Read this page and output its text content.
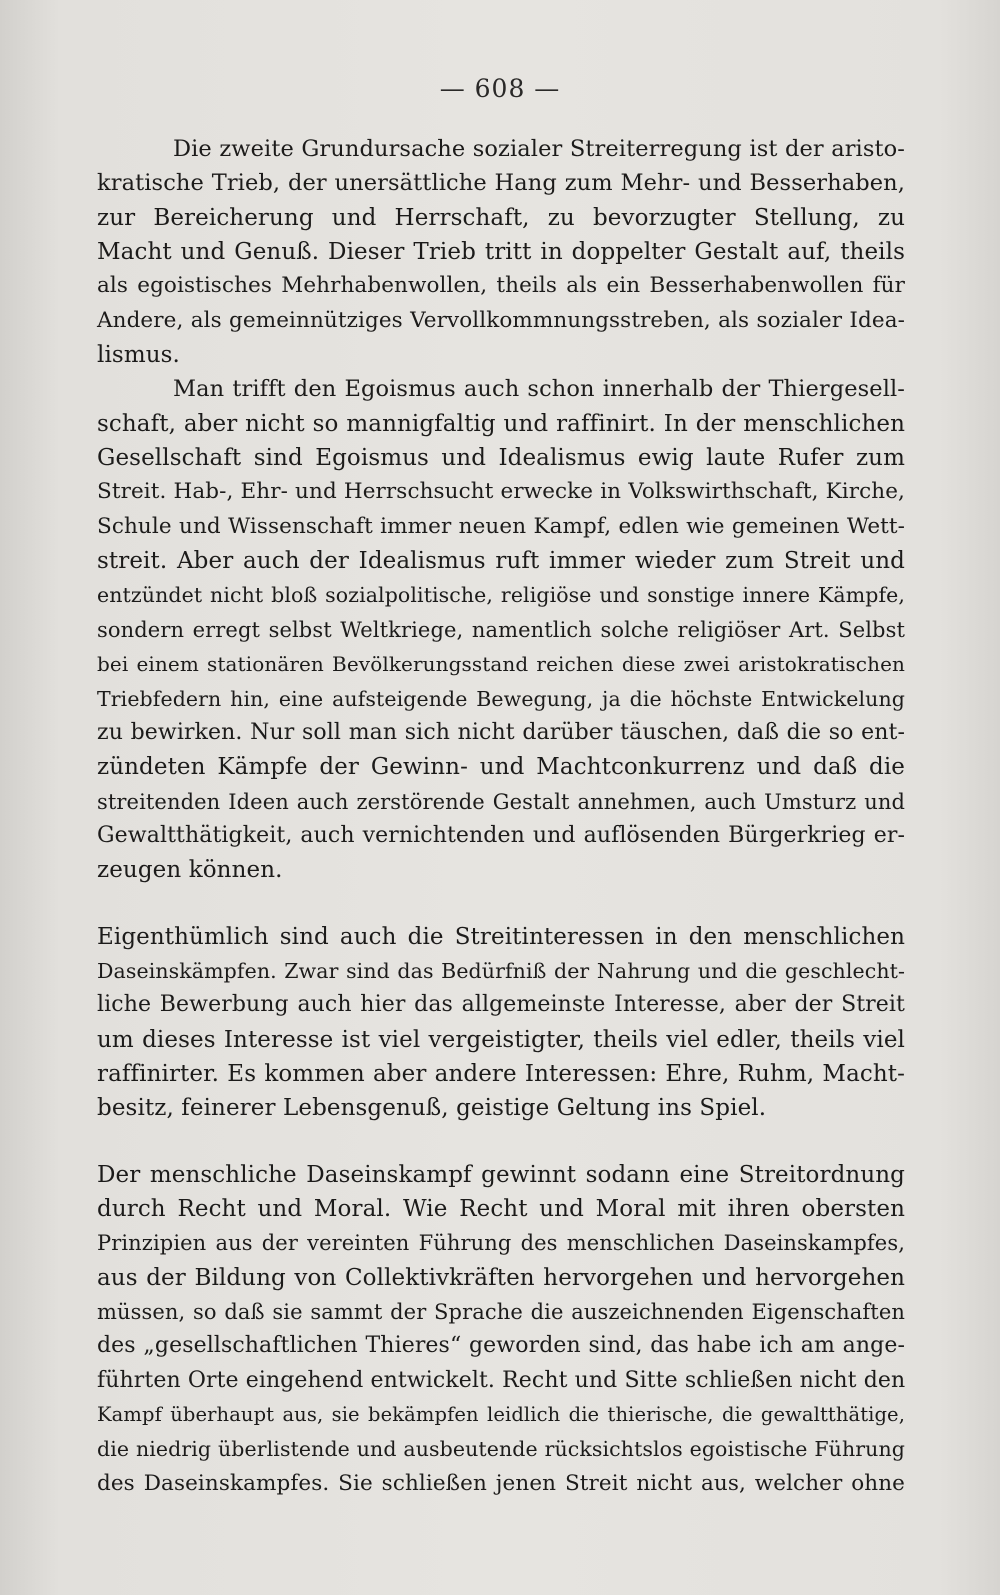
— 608 —
Die zweite Grundursache sozialer Streiterregung ist der aristo-
kratische Trieb, der unersättliche Hang zum Mehr- und Besserhaben,
zur Bereicherung und Herrschaft, zu bevorzugter Stellung, zu
Macht und Genuß. Dieser Trieb tritt in doppelter Gestalt auf, theils
als egoistisches Mehrhabenwollen, theils als ein Besserhabenwollen für
Andere, als gemeinnütziges Vervollkommnungsstreben, als sozialer Idea-
lismus.
Man trifft den Egoismus auch schon innerhalb der Thiergesell-
schaft, aber nicht so mannigfaltig und raffinirt. In der menschlichen
Gesellschaft sind Egoismus und Idealismus ewig laute Rufer zum
Streit. Hab-, Ehr- und Herrschsucht erwecke in Volkswirthschaft, Kirche,
Schule und Wissenschaft immer neuen Kampf, edlen wie gemeinen Wett-
streit. Aber auch der Idealismus ruft immer wieder zum Streit und
entzündet nicht bloß sozialpolitische, religiöse und sonstige innere Kämpfe,
sondern erregt selbst Weltkriege, namentlich solche religiöser Art. Selbst
bei einem stationären Bevölkerungsstand reichen diese zwei aristokratischen
Triebfedern hin, eine aufsteigende Bewegung, ja die höchste Entwickelung
zu bewirken. Nur soll man sich nicht darüber täuschen, daß die so ent-
zündeten Kämpfe der Gewinn- und Machtconkurrenz und daß die
streitenden Ideen auch zerstörende Gestalt annehmen, auch Umsturz und
Gewaltthätigkeit, auch vernichtenden und auflösenden Bürgerkrieg er-
zeugen können.
Eigenthümlich sind auch die Streitinteressen in den menschlichen
Daseinskämpfen. Zwar sind das Bedürfniß der Nahrung und die geschlecht-
liche Bewerbung auch hier das allgemeinste Interesse, aber der Streit
um dieses Interesse ist viel vergeistigter, theils viel edler, theils viel
raffinirter. Es kommen aber andere Interessen: Ehre, Ruhm, Macht-
besitz, feinerer Lebensgenuß, geistige Geltung ins Spiel.
Der menschliche Daseinskampf gewinnt sodann eine Streitordnung
durch Recht und Moral. Wie Recht und Moral mit ihren obersten
Prinzipien aus der vereinten Führung des menschlichen Daseinskampfes,
aus der Bildung von Collektivkräften hervorgehen und hervorgehen
müssen, so daß sie sammt der Sprache die auszeichnenden Eigenschaften
des „gesellschaftlichen Thieres“ geworden sind, das habe ich am ange-
führten Orte eingehend entwickelt. Recht und Sitte schließen nicht den
Kampf überhaupt aus, sie bekämpfen leidlich die thierische, die gewaltthätige,
die niedrig überlistende und ausbeutende rücksichtslos egoistische Führung
des Daseinskampfes. Sie schließen jenen Streit nicht aus, welcher ohne
